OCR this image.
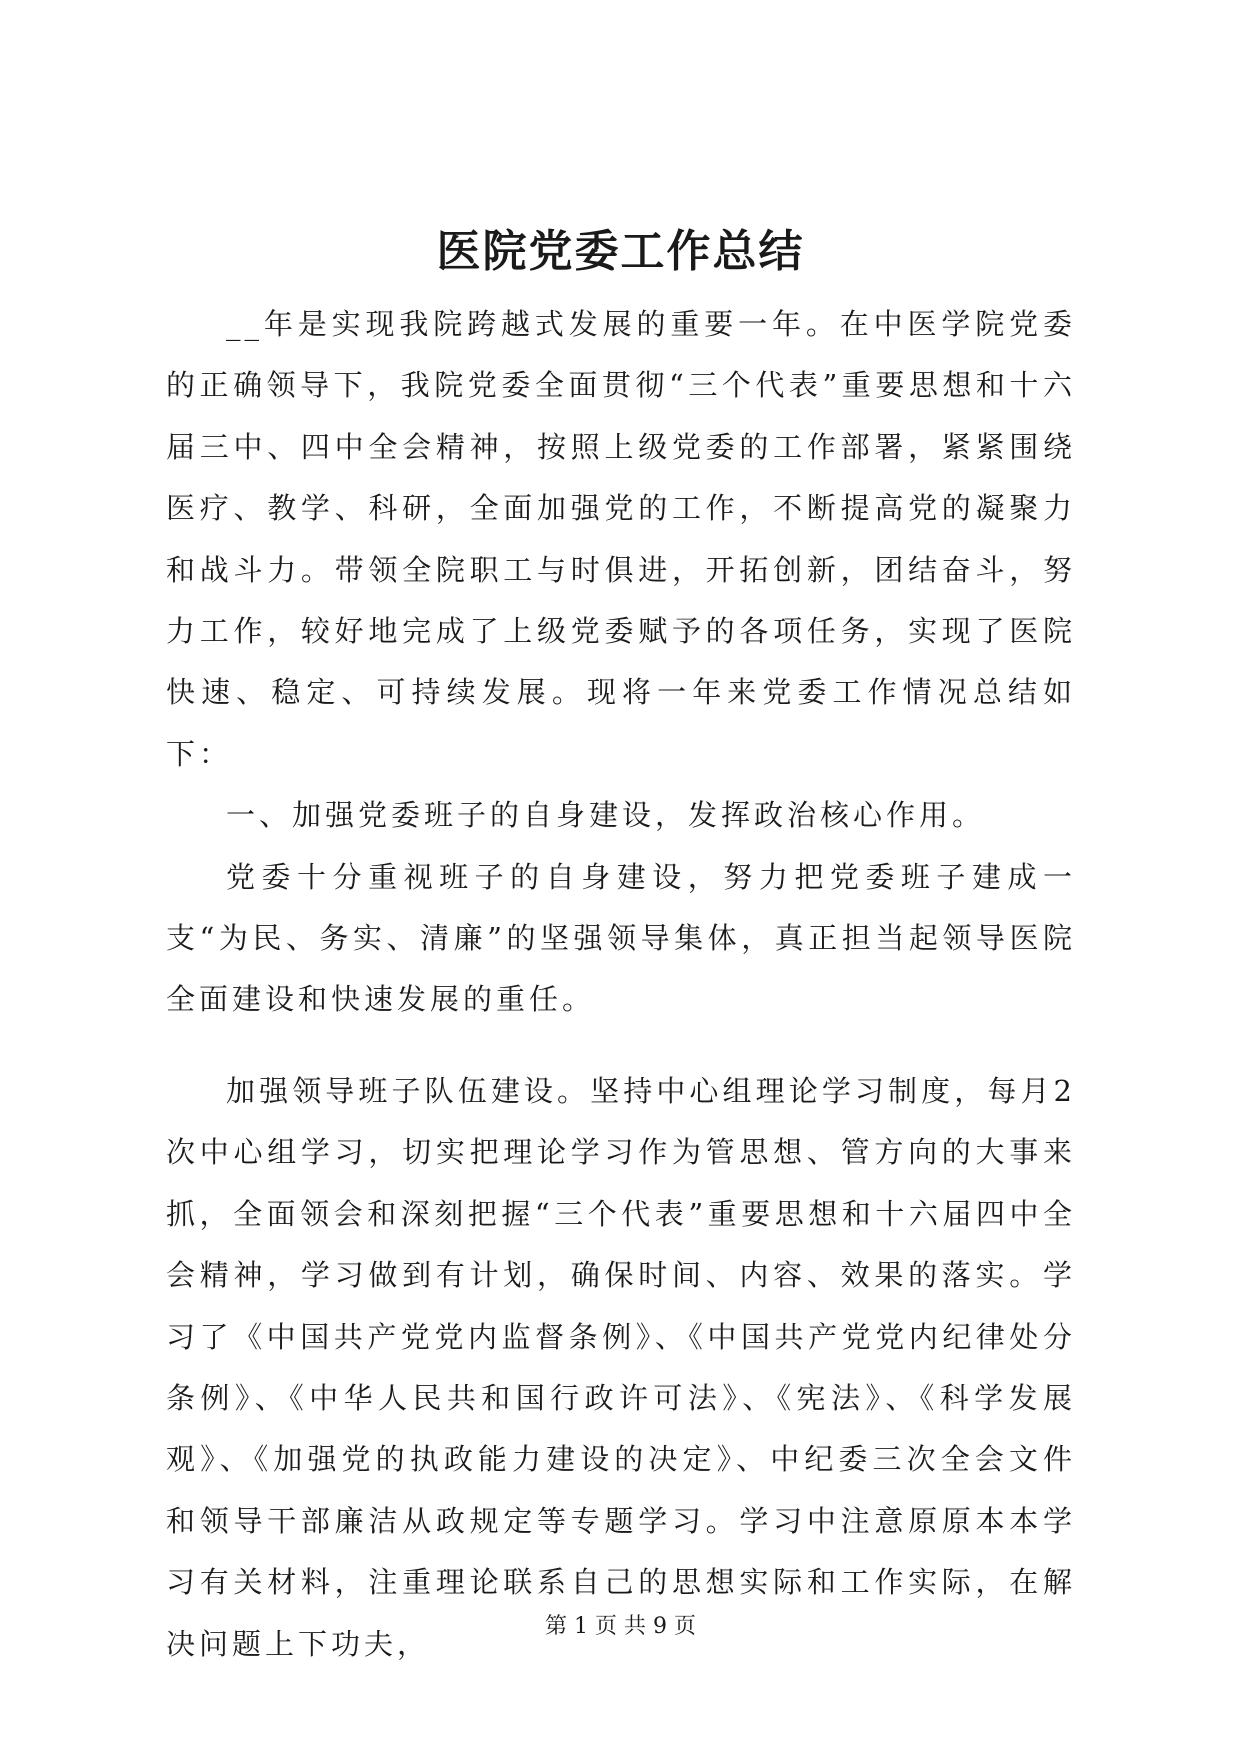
医院党委工作总结

__年是实现我院跨越式发展的重要一年。在中医学院党委的正确领导下，我院党委全面贯彻“三个代表”重要思想和十六届三中、四中全会精神，按照上级党委的工作部署，紧紧围绕医疗、教学、科研，全面加强党的工作，不断提高党的凝聚力和战斗力。带领全院职工与时俱进，开拓创新，团结奋斗，努力工作，较好地完成了上级党委赋予的各项任务，实现了医院快速、稳定、可持续发展。现将一年来党委工作情况总结如下：

一、加强党委班子的自身建设，发挥政治核心作用。

党委十分重视班子的自身建设，努力把党委班子建成一支“为民、务实、清廉”的坚强领导集体，真正担当起领导医院全面建设和快速发展的重任。

加强领导班子队伍建设。坚持中心组理论学习制度，每月2次中心组学习，切实把理论学习作为管思想、管方向的大事来抓，全面领会和深刻把握“三个代表”重要思想和十六届四中全会精神，学习做到有计划，确保时间、内容、效果的落实。学习了《中国共产党党内监督条例》、《中国共产党党内纪律处分条例》、《中华人民共和国行政许可法》、《宪法》、《科学发展观》、《加强党的执政能力建设的决定》、中纪委三次全会文件和领导干部廉洁从政规定等专题学习。学习中注意原原本本学习有关材料，注重理论联系自己的思想实际和工作实际，在解决问题上下功夫，

第 1 页 共 9 页
